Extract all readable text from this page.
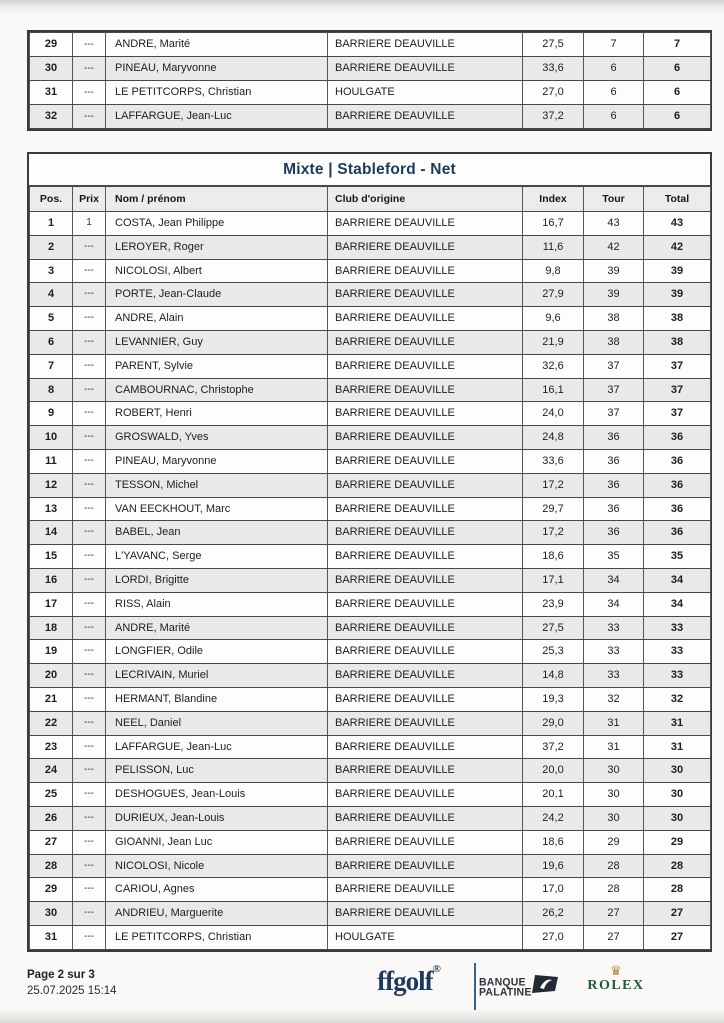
29	---	ANDRE, Marité	BARRIERE DEAUVILLE	27,5	7	7
30	---	PINEAU, Maryvonne	BARRIERE DEAUVILLE	33,6	6	6
31	---	LE PETITCORPS, Christian	HOULGATE	27,0	6	6
32	---	LAFFARGUE, Jean-Luc	BARRIERE DEAUVILLE	37,2	6	6
Mixte | Stableford - Net
Pos.	Prix	Nom / prénom	Club d'origine	Index	Tour	Total
1	1	COSTA, Jean Philippe	BARRIERE DEAUVILLE	16,7	43	43
2	---	LEROYER, Roger	BARRIERE DEAUVILLE	11,6	42	42
3	---	NICOLOSI, Albert	BARRIERE DEAUVILLE	9,8	39	39
4	---	PORTE, Jean-Claude	BARRIERE DEAUVILLE	27,9	39	39
5	---	ANDRE, Alain	BARRIERE DEAUVILLE	9,6	38	38
6	---	LEVANNIER, Guy	BARRIERE DEAUVILLE	21,9	38	38
7	---	PARENT, Sylvie	BARRIERE DEAUVILLE	32,6	37	37
8	---	CAMBOURNAC, Christophe	BARRIERE DEAUVILLE	16,1	37	37
9	---	ROBERT, Henri	BARRIERE DEAUVILLE	24,0	37	37
10	---	GROSWALD, Yves	BARRIERE DEAUVILLE	24,8	36	36
11	---	PINEAU, Maryvonne	BARRIERE DEAUVILLE	33,6	36	36
12	---	TESSON, Michel	BARRIERE DEAUVILLE	17,2	36	36
13	---	VAN EECKHOUT, Marc	BARRIERE DEAUVILLE	29,7	36	36
14	---	BABEL, Jean	BARRIERE DEAUVILLE	17,2	36	36
15	---	L'YAVANC, Serge	BARRIERE DEAUVILLE	18,6	35	35
16	---	LORDI, Brigitte	BARRIERE DEAUVILLE	17,1	34	34
17	---	RISS, Alain	BARRIERE DEAUVILLE	23,9	34	34
18	---	ANDRE, Marité	BARRIERE DEAUVILLE	27,5	33	33
19	---	LONGFIER, Odile	BARRIERE DEAUVILLE	25,3	33	33
20	---	LECRIVAIN, Muriel	BARRIERE DEAUVILLE	14,8	33	33
21	---	HERMANT, Blandine	BARRIERE DEAUVILLE	19,3	32	32
22	---	NEEL, Daniel	BARRIERE DEAUVILLE	29,0	31	31
23	---	LAFFARGUE, Jean-Luc	BARRIERE DEAUVILLE	37,2	31	31
24	---	PELISSON, Luc	BARRIERE DEAUVILLE	20,0	30	30
25	---	DESHOGUES, Jean-Louis	BARRIERE DEAUVILLE	20,1	30	30
26	---	DURIEUX, Jean-Louis	BARRIERE DEAUVILLE	24,2	30	30
27	---	GIOANNI, Jean Luc	BARRIERE DEAUVILLE	18,6	29	29
28	---	NICOLOSI, Nicole	BARRIERE DEAUVILLE	19,6	28	28
29	---	CARIOU, Agnes	BARRIERE DEAUVILLE	17,0	28	28
30	---	ANDRIEU, Marguerite	BARRIERE DEAUVILLE	26,2	27	27
31	---	LE PETITCORPS, Christian	HOULGATE	27,0	27	27
Page 2 sur 3
25.07.2025 15:14	ffgolf®
BANQUE
PALATINE
♛
ROLEX
